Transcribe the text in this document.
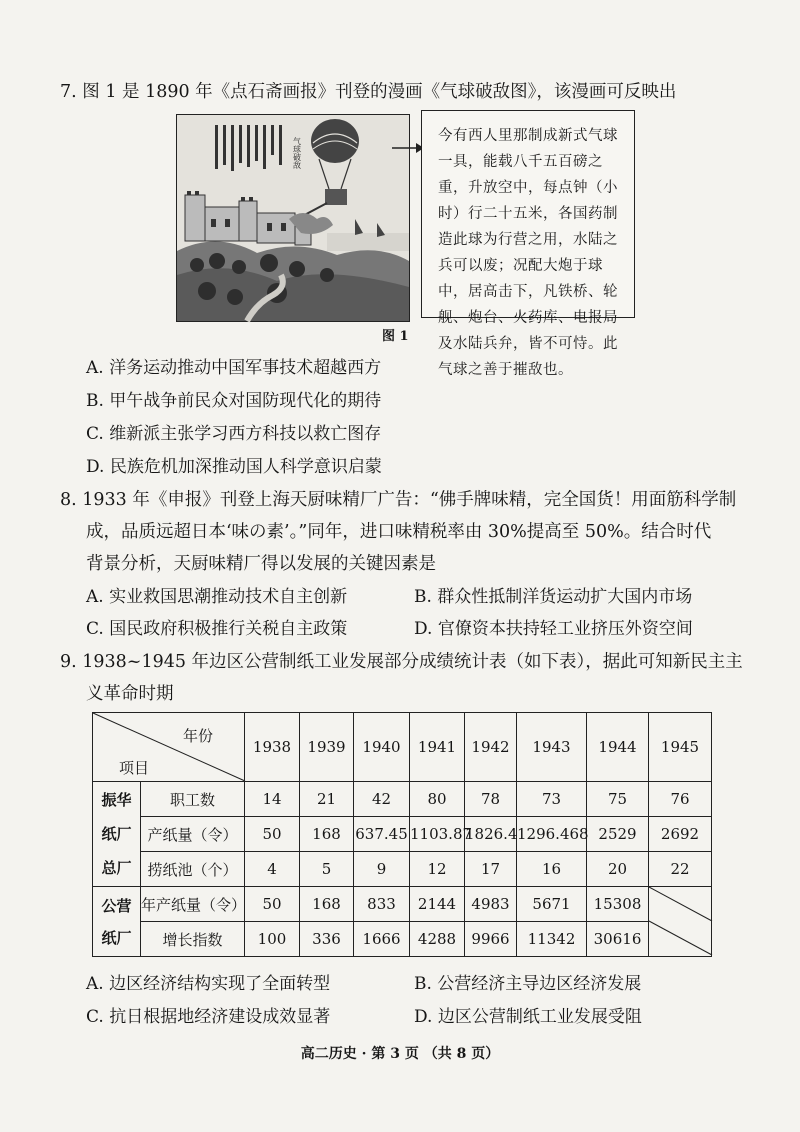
7. 图 1 是 1890 年《点石斋画报》刊登的漫画《气球破敌图》，该漫画可反映出
气球破敌
今有西人里那制成新式气球一具，能载八千五百磅之重，升放空中，每点钟（小时）行二十五米，各国药制造此球为行营之用，水陆之兵可以废；况配大炮于球中，居高击下，凡铁桥、轮舰、炮台、火药库、电报局及水陆兵弁，皆不可恃。此气球之善于摧敌也。
图 1
A. 洋务运动推动中国军事技术超越西方
B. 甲午战争前民众对国防现代化的期待
C. 维新派主张学习西方科技以救亡图存
D. 民族危机加深推动国人科学意识启蒙
8. 1933 年《申报》刊登上海天厨味精厂广告：“佛手牌味精，完全国货！用面筋科学制
成，品质远超日本‘味の素’。”同年，进口味精税率由 30%提高至 50%。结合时代
背景分析，天厨味精厂得以发展的关键因素是
A. 实业救国思潮推动技术自主创新	B. 群众性抵制洋货运动扩大国内市场
C. 国民政府积极推行关税自主政策	D. 官僚资本扶持轻工业挤压外资空间
9. 1938~1945 年边区公营制纸工业发展部分成绩统计表（如下表），据此可知新民主主
义革命时期
年份
项目		1938	1939	1940	1941	1942	1943	1944	1945

振华
纸厂
总厂	职工数	14	21	42	80	78	73	75	76
	产纸量（令）	50	168	637.45	1103.87	1826.4	1296.468	2529	2692
	捞纸池（个）	4	5	9	12	17	16	20	22

公营
纸厂	年产纸量（令）	50	168	833	2144	4983	5671	15308	

	增长指数	100	336	1666	4288	9966	11342	30616	
A. 边区经济结构实现了全面转型	B. 公营经济主导边区经济发展
C. 抗日根据地经济建设成效显著	D. 边区公营制纸工业发展受阻
高二历史 · 第 3 页 （共 8 页）
